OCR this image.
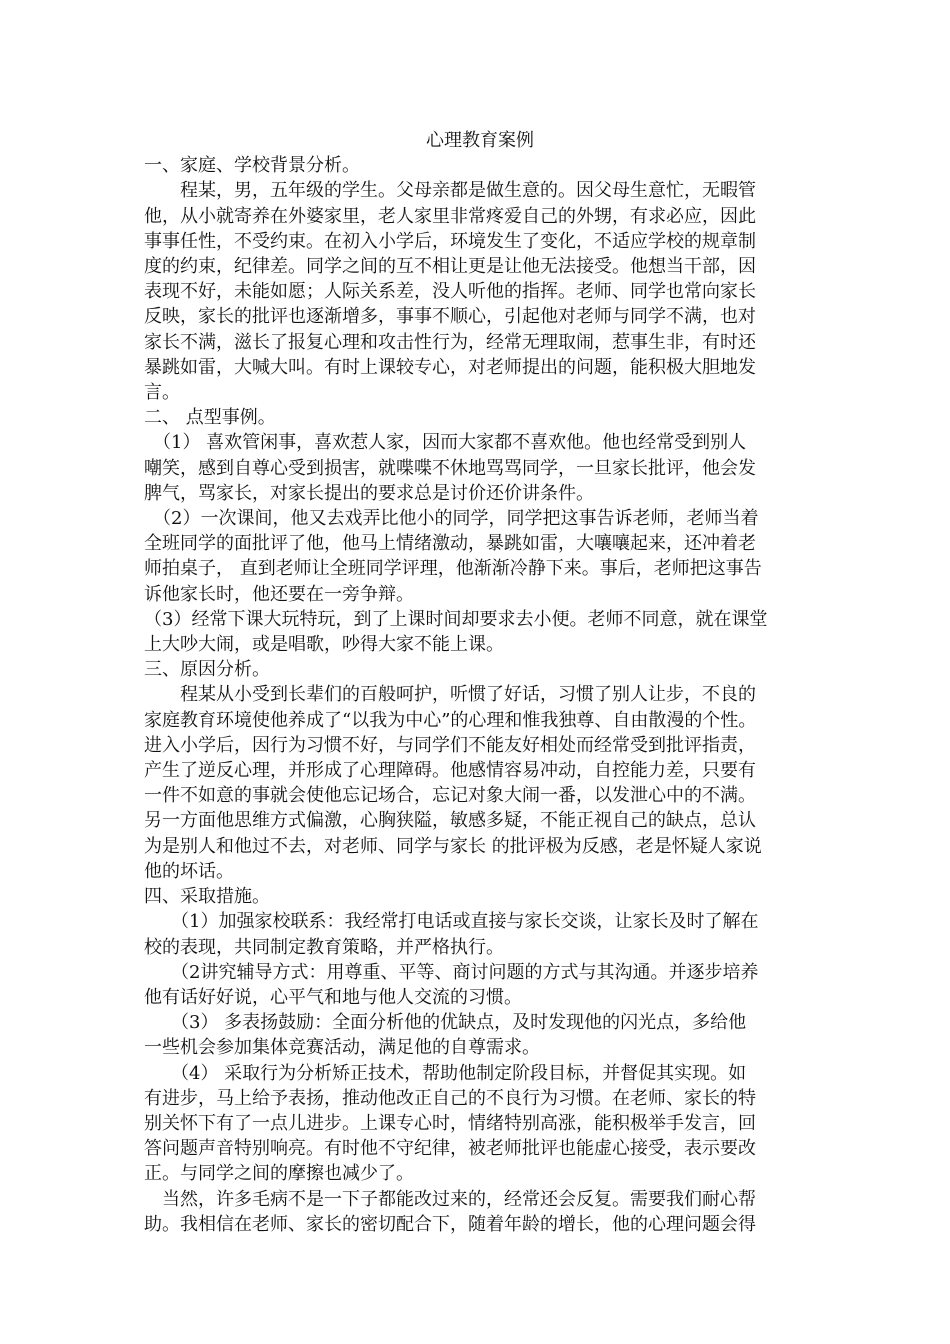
心理教育案例
一、家庭、学校背景分析。

　　程某，男，五年级的学生。父母亲都是做生意的。因父母生意忙，无暇管
他，从小就寄养在外婆家里，老人家里非常疼爱自己的外甥，有求必应，因此
事事任性，不受约束。在初入小学后，环境发生了变化，不适应学校的规章制
度的约束，纪律差。同学之间的互不相让更是让他无法接受。他想当干部，因
表现不好，未能如愿；人际关系差，没人听他的指挥。老师、同学也常向家长
反映，家长的批评也逐渐增多，事事不顺心，引起他对老师与同学不满，也对
家长不满，滋长了报复心理和攻击性行为，经常无理取闹，惹事生非，有时还
暴跳如雷，大喊大叫。有时上课较专心，对老师提出的问题，能积极大胆地发
言。

二、 点型事例。

　（1） 喜欢管闲事，喜欢惹人家，因而大家都不喜欢他。他也经常受到别人
嘲笑，感到自尊心受到损害，就喋喋不休地骂骂同学，一旦家长批评，他会发
脾气，骂家长，对家长提出的要求总是讨价还价讲条件。

　（2）一次课间，他又去戏弄比他小的同学，同学把这事告诉老师，老师当着
全班同学的面批评了他，他马上情绪激动，暴跳如雷，大嚷嚷起来，还冲着老
师拍桌子， 直到老师让全班同学评理，他渐渐冷静下来。事后，老师把这事告
诉他家长时，他还要在一旁争辩。

（3）经常下课大玩特玩，到了上课时间却要求去小便。老师不同意，就在课堂
上大吵大闹，或是唱歌，吵得大家不能上课。

三、原因分析。

　　程某从小受到长辈们的百般呵护，听惯了好话，习惯了别人让步，不良的
家庭教育环境使他养成了“以我为中心”的心理和惟我独尊、自由散漫的个性。
进入小学后，因行为习惯不好，与同学们不能友好相处而经常受到批评指责，
产生了逆反心理，并形成了心理障碍。他感情容易冲动，自控能力差，只要有
一件不如意的事就会使他忘记场合，忘记对象大闹一番，以发泄心中的不满。
另一方面他思维方式偏激，心胸狭隘，敏感多疑，不能正视自己的缺点，总认
为是别人和他过不去，对老师、同学与家长 的批评极为反感，老是怀疑人家说
他的坏话。

四、采取措施。

　　（1）加强家校联系：我经常打电话或直接与家长交谈，让家长及时了解在
校的表现，共同制定教育策略，并严格执行。

　　（2讲究辅导方式：用尊重、平等、商讨问题的方式与其沟通。并逐步培养
他有话好好说，心平气和地与他人交流的习惯。

　　（3） 多表扬鼓励：全面分析他的优缺点，及时发现他的闪光点，多给他
一些机会参加集体竞赛活动，满足他的自尊需求。

　　（4） 采取行为分析矫正技术，帮助他制定阶段目标，并督促其实现。如
有进步，马上给予表扬，推动他改正自己的不良行为习惯。在老师、家长的特
别关怀下有了一点儿进步。上课专心时，情绪特别高涨，能积极举手发言，回
答问题声音特别响亮。有时他不守纪律，被老师批评也能虚心接受，表示要改
正。与同学之间的摩擦也减少了。

　当然，许多毛病不是一下子都能改过来的，经常还会反复。需要我们耐心帮
助。我相信在老师、家长的密切配合下，随着年龄的增长，他的心理问题会得
